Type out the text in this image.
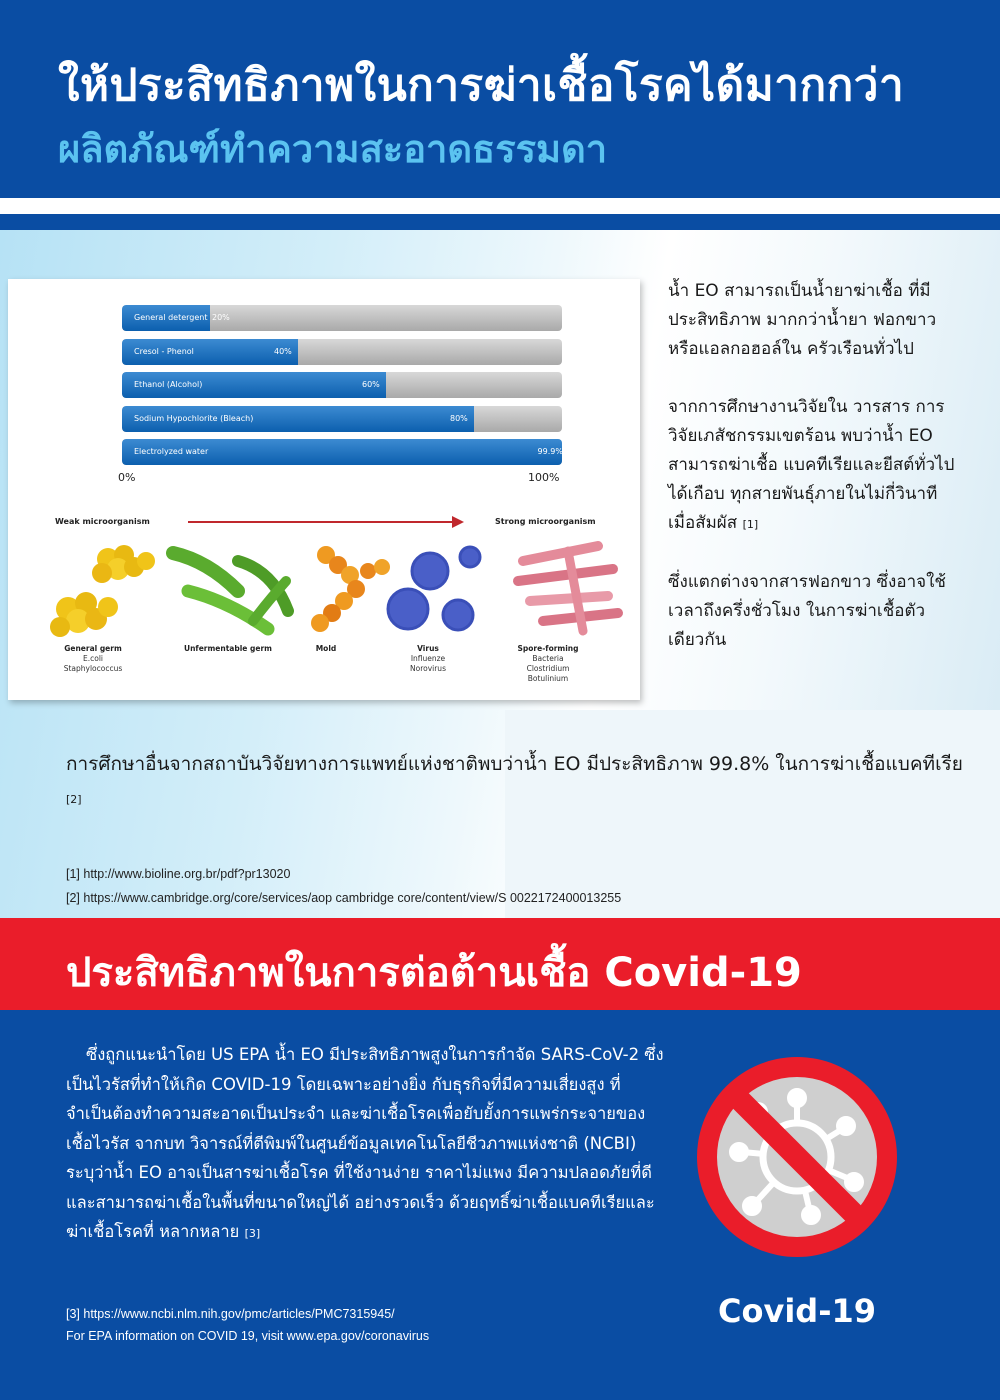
ให้ประสิทธิภาพในการฆ่าเชื้อโรคได้มากกว่า
ผลิตภัณฑ์ทำความสะอาดธรรมดา
General detergent 20%
Cresol - Phenol	40%
Ethanol (Alcohol)	60%
Sodium Hypochlorite (Bleach)	80%
Electrolyzed water	99.9%
0%	100%
Weak microorganism	Strong microorganism
General germ
E.coli
Staphylococcus
Unfermentable germ	Mold	Virus
Influenze
Norovirus
Spore-forming
Bacteria
Clostridium
Botulinium

น้ำ EO สามารถเป็นน้ำยาฆ่าเชื้อ ที่มีประสิทธิภาพ มากกว่าน้ำยา ฟอกขาวหรือแอลกอฮอล์ใน ครัวเรือนทั่วไป

จากการศึกษางานวิจัยใน วารสาร การวิจัยเภสัชกรรมเขตร้อน พบว่าน้ำ EO สามารถฆ่าเชื้อ แบคทีเรียและยีสต์ทั่วไปได้เกือบ ทุกสายพันธุ์ภายในไม่กี่วินาที เมื่อสัมผัส [1]

ซึ่งแตกต่างจากสารฟอกขาว ซึ่งอาจใช้เวลาถึงครึ่งชั่วโมง ในการฆ่าเชื้อตัวเดียวกัน

การศึกษาอื่นจากสถาบันวิจัยทางการแพทย์แห่งชาติพบว่าน้ำ EO มีประสิทธิภาพ 99.8% ในการฆ่าเชื้อแบคทีเรีย [2]
[1] http://www.bioline.org.br/pdf?pr13020
[2] https://www.cambridge.org/core/services/aop cambridge core/content/view/S 0022172400013255
ประสิทธิภาพในการต่อต้านเชื้อ Covid-19
ซึ่งถูกแนะนำโดย US EPA น้ำ EO มีประสิทธิภาพสูงในการกำจัด SARS-CoV-2 ซึ่งเป็นไวรัสที่ทำให้เกิด COVID-19 โดยเฉพาะอย่างยิ่ง กับธุรกิจที่มีความเสี่ยงสูง ที่จำเป็นต้องทำความสะอาดเป็นประจำ และฆ่าเชื้อโรคเพื่อยับยั้งการแพร่กระจายของเชื้อไวรัส จากบท วิจารณ์ที่ตีพิมพ์ในศูนย์ข้อมูลเทคโนโลยีชีวภาพแห่งชาติ (NCBI) ระบุว่าน้ำ EO อาจเป็นสารฆ่าเชื้อโรค ที่ใช้งานง่าย ราคาไม่แพง มีความปลอดภัยที่ดีและสามารถฆ่าเชื้อในพื้นที่ขนาดใหญ่ได้ อย่างรวดเร็ว ด้วยฤทธิ์ฆ่าเชื้อแบคทีเรียและฆ่าเชื้อโรคที่ หลากหลาย [3]
[3] https://www.ncbi.nlm.nih.gov/pmc/articles/PMC7315945/
For EPA information on COVID 19, visit www.epa.gov/coronavirus
Covid-19
